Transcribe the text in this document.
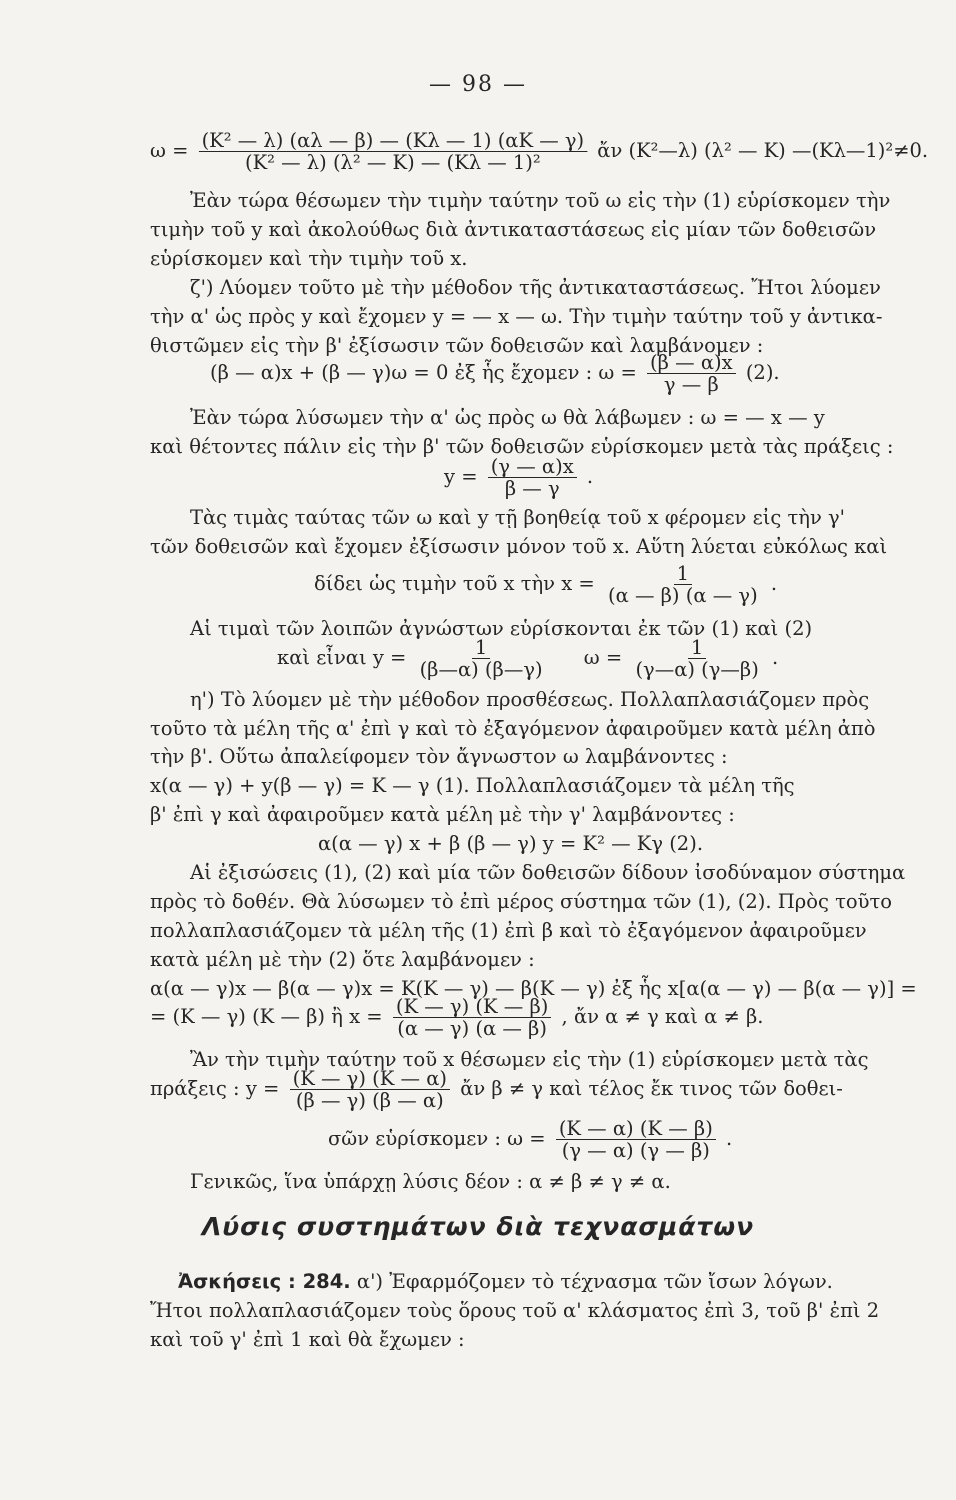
— 98 —
$\omega = \frac{\text{(K² — λ) (αλ — β) — (Κλ — 1) (αΚ — γ)}}{\text{(K² — λ) (λ² — Κ) — (Κλ — 1)²}}$ ἄν (K²—λ) (λ² — Κ) —(Κλ—1)²≠0.
Ἐὰν τώρα θέσωμεν τὴν τιμὴν ταύτην τοῦ ω εἰς τὴν (1) εὑρίσκομεν τὴν
τιμὴν τοῦ y καὶ ἀκολούθως διὰ ἀντικαταστάσεως εἰς μίαν τῶν δοθεισῶν
εὑρίσκομεν καὶ τὴν τιμὴν τοῦ x.
ζ') Λύομεν τοῦτο μὲ τὴν μέθοδον τῆς ἀντικαταστάσεως. Ἤτοι λύομεν
τὴν α' ὡς πρὸς y καὶ ἔχομεν y = — x — ω. Τὴν τιμὴν ταύτην τοῦ y ἀντικα-
θιστῶμεν εἰς τὴν β' ἐξίσωσιν τῶν δοθεισῶν καὶ λαμβάνομεν :
(β — α)x + (β — γ)ω = 0 ἐξ ἧς ἔχομεν : $\omega = \frac{(\beta — \alpha)x}{\gamma — \beta} (2)$.
Ἐὰν τώρα λύσωμεν τὴν α' ὡς πρὸς ω θὰ λάβωμεν : ω = — x — y
καὶ θέτοντες πάλιν εἰς τὴν β' τῶν δοθεισῶν εὑρίσκομεν μετὰ τὰς πράξεις :
$y = \frac{(\gamma — \alpha)x}{\beta — \gamma}$ .
Τὰς τιμὰς ταύτας τῶν ω καὶ y τῇ βοηθείᾳ τοῦ x φέρομεν εἰς τὴν γ'
τῶν δοθεισῶν καὶ ἔχομεν ἐξίσωσιν μόνον τοῦ x. Αὕτη λύεται εὐκόλως καὶ
δίδει ὡς τιμὴν τοῦ x τὴν $x = \frac{1}{(\alpha — \beta) (\alpha — \gamma)}$ .
Αἱ τιμαὶ τῶν λοιπῶν ἀγνώστων εὑρίσκονται ἐκ τῶν (1) καὶ (2)
καὶ εἶναι $y = \frac{1}{(\beta—\alpha) (\beta—\gamma)}$ $\omega = \frac{1}{(\gamma—\alpha) (\gamma—\beta)}$ .
η') Τὸ λύομεν μὲ τὴν μέθοδον προσθέσεως. Πολλαπλασιάζομεν πρὸς
τοῦτο τὰ μέλη τῆς α' ἐπὶ γ καὶ τὸ ἐξαγόμενον ἀφαιροῦμεν κατὰ μέλη ἀπὸ
τὴν β'. Οὕτω ἀπαλείφομεν τὸν ἄγνωστον ω λαμβάνοντες :
x(α — γ) + y(β — γ) = Κ — γ (1). Πολλαπλασιάζομεν τὰ μέλη τῆς
β' ἐπὶ γ καὶ ἀφαιροῦμεν κατὰ μέλη μὲ τὴν γ' λαμβάνοντες :
α(α — γ) x + β (β — γ) y = K² — Κγ (2).
Αἱ ἐξισώσεις (1), (2) καὶ μία τῶν δοθεισῶν δίδουν ἰσοδύναμον σύστημα
πρὸς τὸ δοθέν. Θὰ λύσωμεν τὸ ἐπὶ μέρος σύστημα τῶν (1), (2). Πρὸς τοῦτο
πολλαπλασιάζομεν τὰ μέλη τῆς (1) ἐπὶ β καὶ τὸ ἐξαγόμενον ἀφαιροῦμεν
κατὰ μέλη μὲ τὴν (2) ὅτε λαμβάνομεν :
α(α — γ)x — β(α — γ)x = Κ(Κ — γ) — β(Κ — γ) ἐξ ἧς x[α(α — γ) — β(α — γ)] =
= (Κ — γ) (Κ — β) ἢ $x = \frac{(K — \gamma) (K — \beta)}{(\alpha — \gamma) (\alpha — \beta)}$ , ἄν α ≠ γ καὶ α ≠ β.
Ἂν τὴν τιμὴν ταύτην τοῦ x θέσωμεν εἰς τὴν (1) εὑρίσκομεν μετὰ τὰς
πράξεις : $y = \frac{(K — \gamma) (K — \alpha)}{(\beta — \gamma) (\beta — \alpha)}$ ἄν β ≠ γ καὶ τέλος ἔκ τινος τῶν δοθει-
σῶν εὑρίσκομεν : $\omega = \frac{(K — \alpha) (K — \beta)}{(\gamma — \alpha) (\gamma — \beta)}$ .
Γενικῶς, ἵνα ὑπάρχῃ λύσις δέον : α ≠ β ≠ γ ≠ α.
Λύσις συστημάτων διὰ τεχνασμάτων
Ἀσκήσεις : 284. α') Ἐφαρμόζομεν τὸ τέχνασμα τῶν ἴσων λόγων.
Ἤτοι πολλαπλασιάζομεν τοὺς ὅρους τοῦ α' κλάσματος ἐπὶ 3, τοῦ β' ἐπὶ 2
καὶ τοῦ γ' ἐπὶ 1 καὶ θὰ ἔχωμεν :
